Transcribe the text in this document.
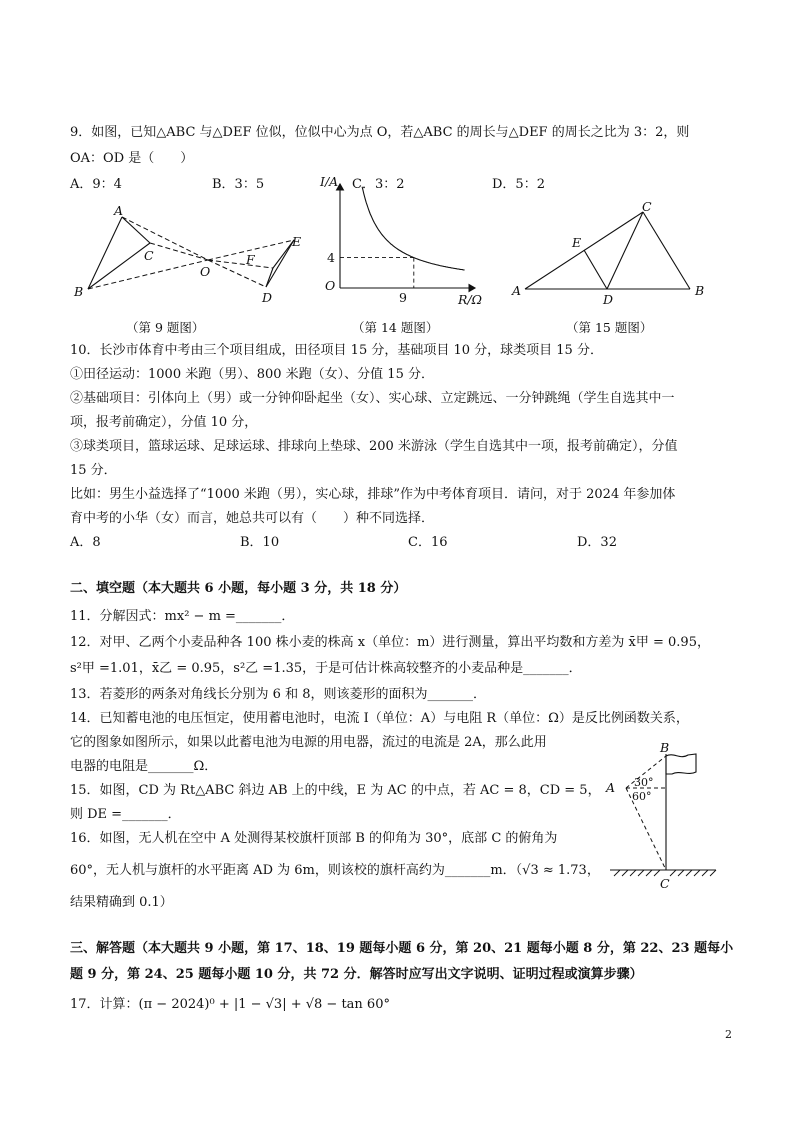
9．如图，已知△ABC 与△DEF 位似，位似中心为点 O，若△ABC 的周长与△DEF 的周长之比为 3：2，则
OA：OD 是（　　）
A．9：4	B．3：5	C．3：2	D．5：2
A
B
C
O
F
E
D
（第 9 题图）
I/A
R/Ω
O
4
9
（第 14 题图）
A	B
C
D
E
（第 15 题图）
10．长沙市体育中考由三个项目组成，田径项目 15 分，基础项目 10 分，球类项目 15 分．
①田径运动：1000 米跑（男）、800 米跑（女）、分值 15 分．
②基础项目：引体向上（男）或一分钟仰卧起坐（女）、实心球、立定跳远、一分钟跳绳（学生自选其中一
项，报考前确定），分值 10 分，
③球类项目，篮球运球、足球运球、排球向上垫球、200 米游泳（学生自选其中一项，报考前确定），分值
15 分．
比如：男生小益选择了“1000 米跑（男），实心球，排球”作为中考体育项目．请问，对于 2024 年参加体
育中考的小华（女）而言，她总共可以有（　　）种不同选择．
A．8	B．10	C．16	D．32
二、填空题（本大题共 6 小题，每小题 3 分，共 18 分）
11．分解因式：mx² − m =_______．
12．对甲、乙两个小麦品种各 100 株小麦的株高 x（单位：m）进行测量，算出平均数和方差为 x̄甲 = 0.95，
s²甲 =1.01，x̄乙 = 0.95，s²乙 =1.35，于是可估计株高较整齐的小麦品种是_______．
13．若菱形的两条对角线长分别为 6 和 8，则该菱形的面积为_______．
14．已知蓄电池的电压恒定，使用蓄电池时，电流 I（单位：A）与电阻 R（单位：Ω）是反比例函数关系，
它的图象如图所示，如果以此蓄电池为电源的用电器，流过的电流是 2A，那么此用
电器的电阻是_______Ω．
15．如图，CD 为 Rt△ABC 斜边 AB 上的中线，E 为 AC 的中点，若 AC = 8，CD = 5，
则 DE =_______．
16．如图，无人机在空中 A 处测得某校旗杆顶部 B 的仰角为 30°，底部 C 的俯角为
60°，无人机与旗杆的水平距离 AD 为 6m，则该校的旗杆高约为_______m．（√3 ≈ 1.73，
结果精确到 0.1）
A
B
C
30°
60°
三、解答题（本大题共 9 小题，第 17、18、19 题每小题 6 分，第 20、21 题每小题 8 分，第 22、23 题每小
题 9 分，第 24、25 题每小题 10 分，共 72 分．解答时应写出文字说明、证明过程或演算步骤）
17．计算：(π − 2024)⁰ + |1 − √3| + √8 − tan 60°
2
